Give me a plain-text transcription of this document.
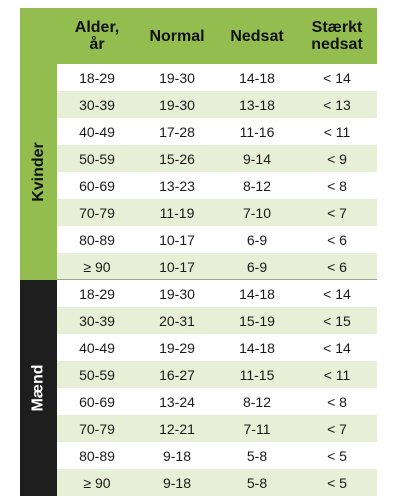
Alder,
år	Normal	Nedsat	Stærkt
nedsat
Kvinder
18-29	19-30	14-18	< 14
30-39	19-30	13-18	< 13
40-49	17-28	11-16	< 11
50-59	15-26	9-14	< 9
60-69	13-23	8-12	< 8
70-79	11-19	7-10	< 7
80-89	10-17	6-9	< 6
≥ 90	10-17	6-9	< 6
Mænd
18-29	19-30	14-18	< 14
30-39	20-31	15-19	< 15
40-49	19-29	14-18	< 14
50-59	16-27	11-15	< 11
60-69	13-24	8-12	< 8
70-79	12-21	7-11	< 7
80-89	9-18	5-8	< 5
≥ 90	9-18	5-8	< 5
